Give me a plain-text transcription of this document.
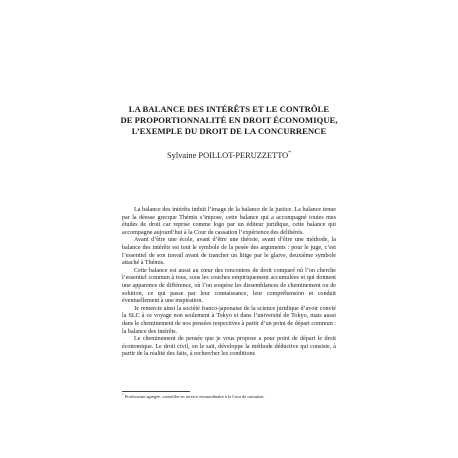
LA BALANCE DES INTÉRÊTS ET LE CONTRÔLE
DE PROPORTIONNALITÉ EN DROIT ÉCONOMIQUE,
L’EXEMPLE DU DROIT DE LA CONCURRENCE
Sylvaine POILLOT-PERUZZETTO*

La balance des intérêts induit l’image de la balance de la justice. La balance tenue par la déesse grecque Thémis s’impose, cette balance qui a accompagné toutes mes études de droit car reprise comme logo par un éditeur juridique, cette balance qui accompagne aujourd’hui à la Cour de cassation l’expérience des délibérés.

Avant d’être une école, avant d’être une théorie, avant d’être une méthode, la balance des intérêts est tout le symbole de la pesée des arguments : pour le juge, c’est l’essentiel de son travail avant de trancher un litige par le glaive, deuxième symbole attaché à Thémis.

Cette balance est aussi au cœur des rencontres de droit comparé où l’on cherche l’essentiel commun à tous, sous les couches empiriquement accumulées et qui donnent une apparence de différence, où l’on soupèse les dissemblances de cheminement ou de solution, ce qui passe par leur connaissance, leur compréhension et conduit éventuellement à une inspiration.

Je remercie ainsi la société franco-japonaise de la science juridique d’avoir convié la SLC à ce voyage non seulement à Tokyo et dans l’université de Tokyo, mais aussi dans le cheminement de nos pensées respectives à partir d’un point de départ commun : la balance des intérêts.

Le cheminement de pensée que je vous propose a pour point de départ le droit économique. Le droit civil, on le sait, développe la méthode déductive qui consiste, à partir de la réalité des faits, à rechercher les conditions

* Professeure agrégée, conseiller en service extraordinaire à la Cour de cassation.
